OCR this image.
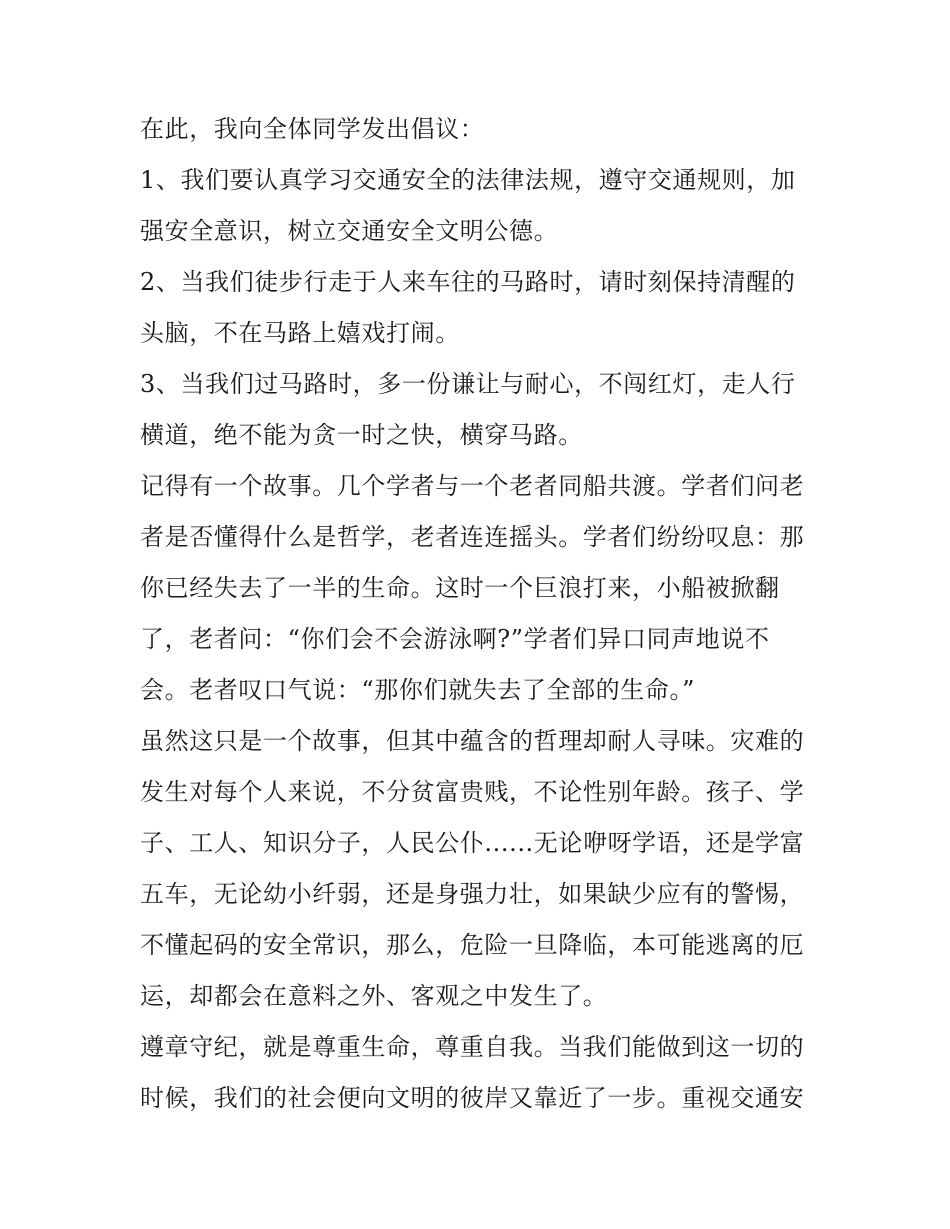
在此，我向全体同学发出倡议：
1、我们要认真学习交通安全的法律法规，遵守交通规则，加
强安全意识，树立交通安全文明公德。
2、当我们徒步行走于人来车往的马路时，请时刻保持清醒的
头脑，不在马路上嬉戏打闹。
3、当我们过马路时，多一份谦让与耐心，不闯红灯，走人行
横道，绝不能为贪一时之快，横穿马路。
记得有一个故事。几个学者与一个老者同船共渡。学者们问老
者是否懂得什么是哲学，老者连连摇头。学者们纷纷叹息：那
你已经失去了一半的生命。这时一个巨浪打来，小船被掀翻
了，老者问：“你们会不会游泳啊?”学者们异口同声地说不
会。老者叹口气说：“那你们就失去了全部的生命。”
虽然这只是一个故事，但其中蕴含的哲理却耐人寻味。灾难的
发生对每个人来说，不分贫富贵贱，不论性别年龄。孩子、学
子、工人、知识分子，人民公仆......无论咿呀学语，还是学富
五车，无论幼小纤弱，还是身强力壮，如果缺少应有的警惕，
不懂起码的安全常识，那么，危险一旦降临，本可能逃离的厄
运，却都会在意料之外、客观之中发生了。
遵章守纪，就是尊重生命，尊重自我。当我们能做到这一切的
时候，我们的社会便向文明的彼岸又靠近了一步。重视交通安
